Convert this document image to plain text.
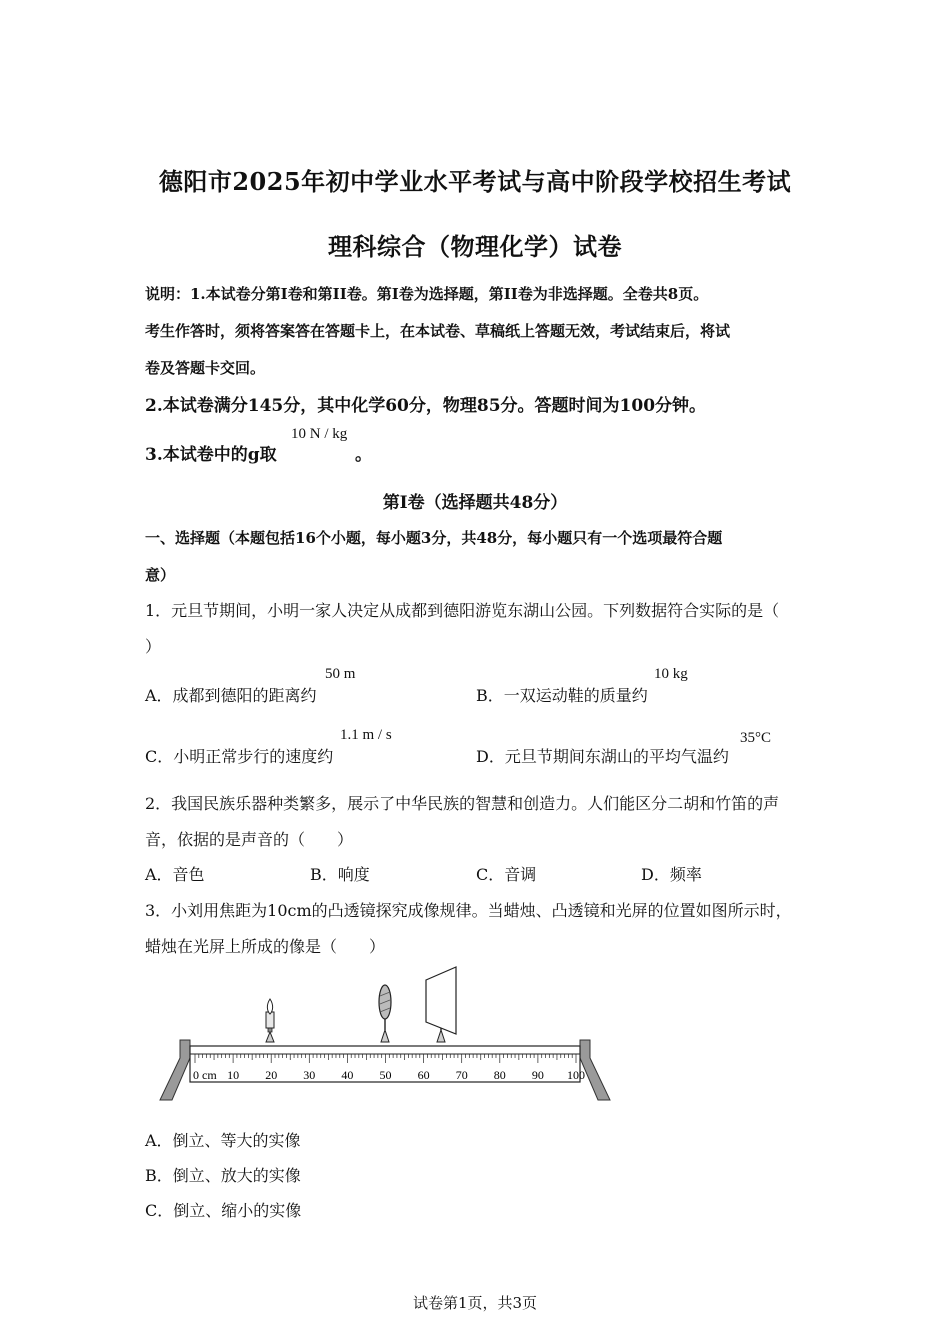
德阳市2025年初中学业水平考试与高中阶段学校招生考试
理科综合（物理化学）试卷
说明：1.本试卷分第I卷和第II卷。第I卷为选择题，第II卷为非选择题。全卷共8页。
考生作答时，须将答案答在答题卡上，在本试卷、草稿纸上答题无效，考试结束后，将试
卷及答题卡交回。
2.本试卷满分145分，其中化学60分，物理85分。答题时间为100分钟。
3.本试卷中的g取
10 N / kg
。
第I卷（选择题共48分）
一、选择题（本题包括16个小题，每小题3分，共48分，每小题只有一个选项最符合题
意）
1．元旦节期间，小明一家人决定从成都到德阳游览东湖山公园。下列数据符合实际的是（
）
A．成都到德阳的距离约
50 m
B．一双运动鞋的质量约
10 kg
C．小明正常步行的速度约
1.1 m / s
D．元旦节期间东湖山的平均气温约
35°C
2．我国民族乐器种类繁多，展示了中华民族的智慧和创造力。人们能区分二胡和竹笛的声
音，依据的是声音的（　　）
A．音色	B．响度	C．音调	D．频率
3．小刘用焦距为10cm的凸透镜探究成像规律。当蜡烛、凸透镜和光屏的位置如图所示时，
蜡烛在光屏上所成的像是（　　）
0 cm 10 20 30 40 50 60 70 80 90 100
A．倒立、等大的实像
B．倒立、放大的实像
C．倒立、缩小的实像
试卷第1页，共3页
